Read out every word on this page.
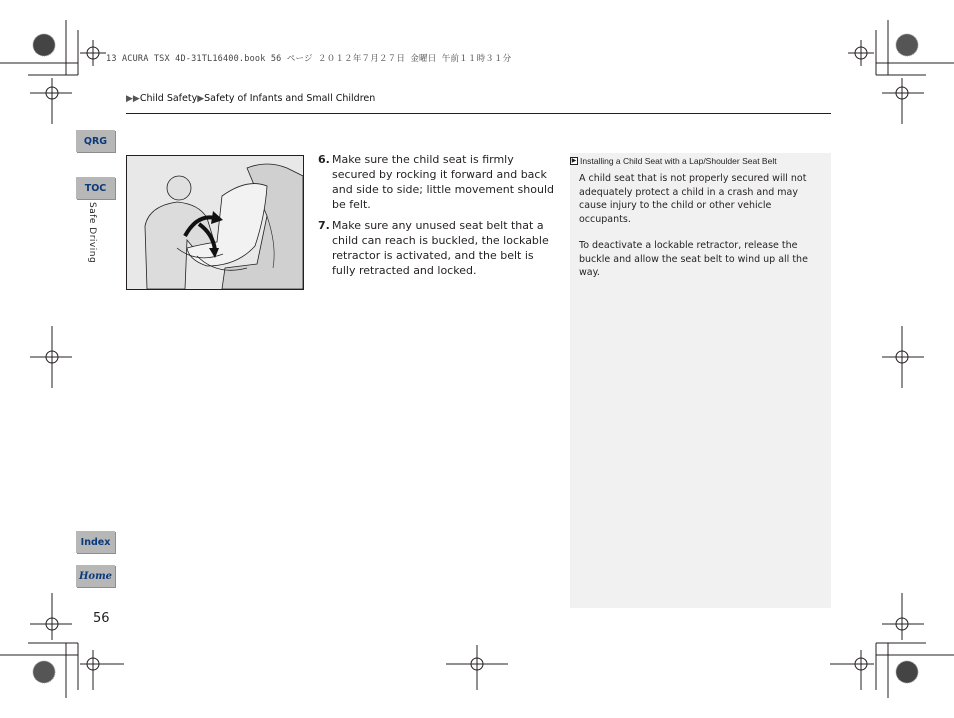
13 ACURA TSX 4D-31TL16400.book 56 ページ ２０１２年７月２７日 金曜日 午前１１時３１分
▶▶Child Safety▶Safety of Infants and Small Children
QRG
TOC
Safe Driving
Index
Home
56
6. Make sure the child seat is firmly secured by rocking it forward and back and side to side; little movement should be felt.
7. Make sure any unused seat belt that a child can reach is buckled, the lockable retractor is activated, and the belt is fully retracted and locked.
▶ Installing a Child Seat with a Lap/Shoulder Seat Belt
A child seat that is not properly secured will not adequately protect a child in a crash and may cause injury to the child or other vehicle occupants.
To deactivate a lockable retractor, release the buckle and allow the seat belt to wind up all the way.
